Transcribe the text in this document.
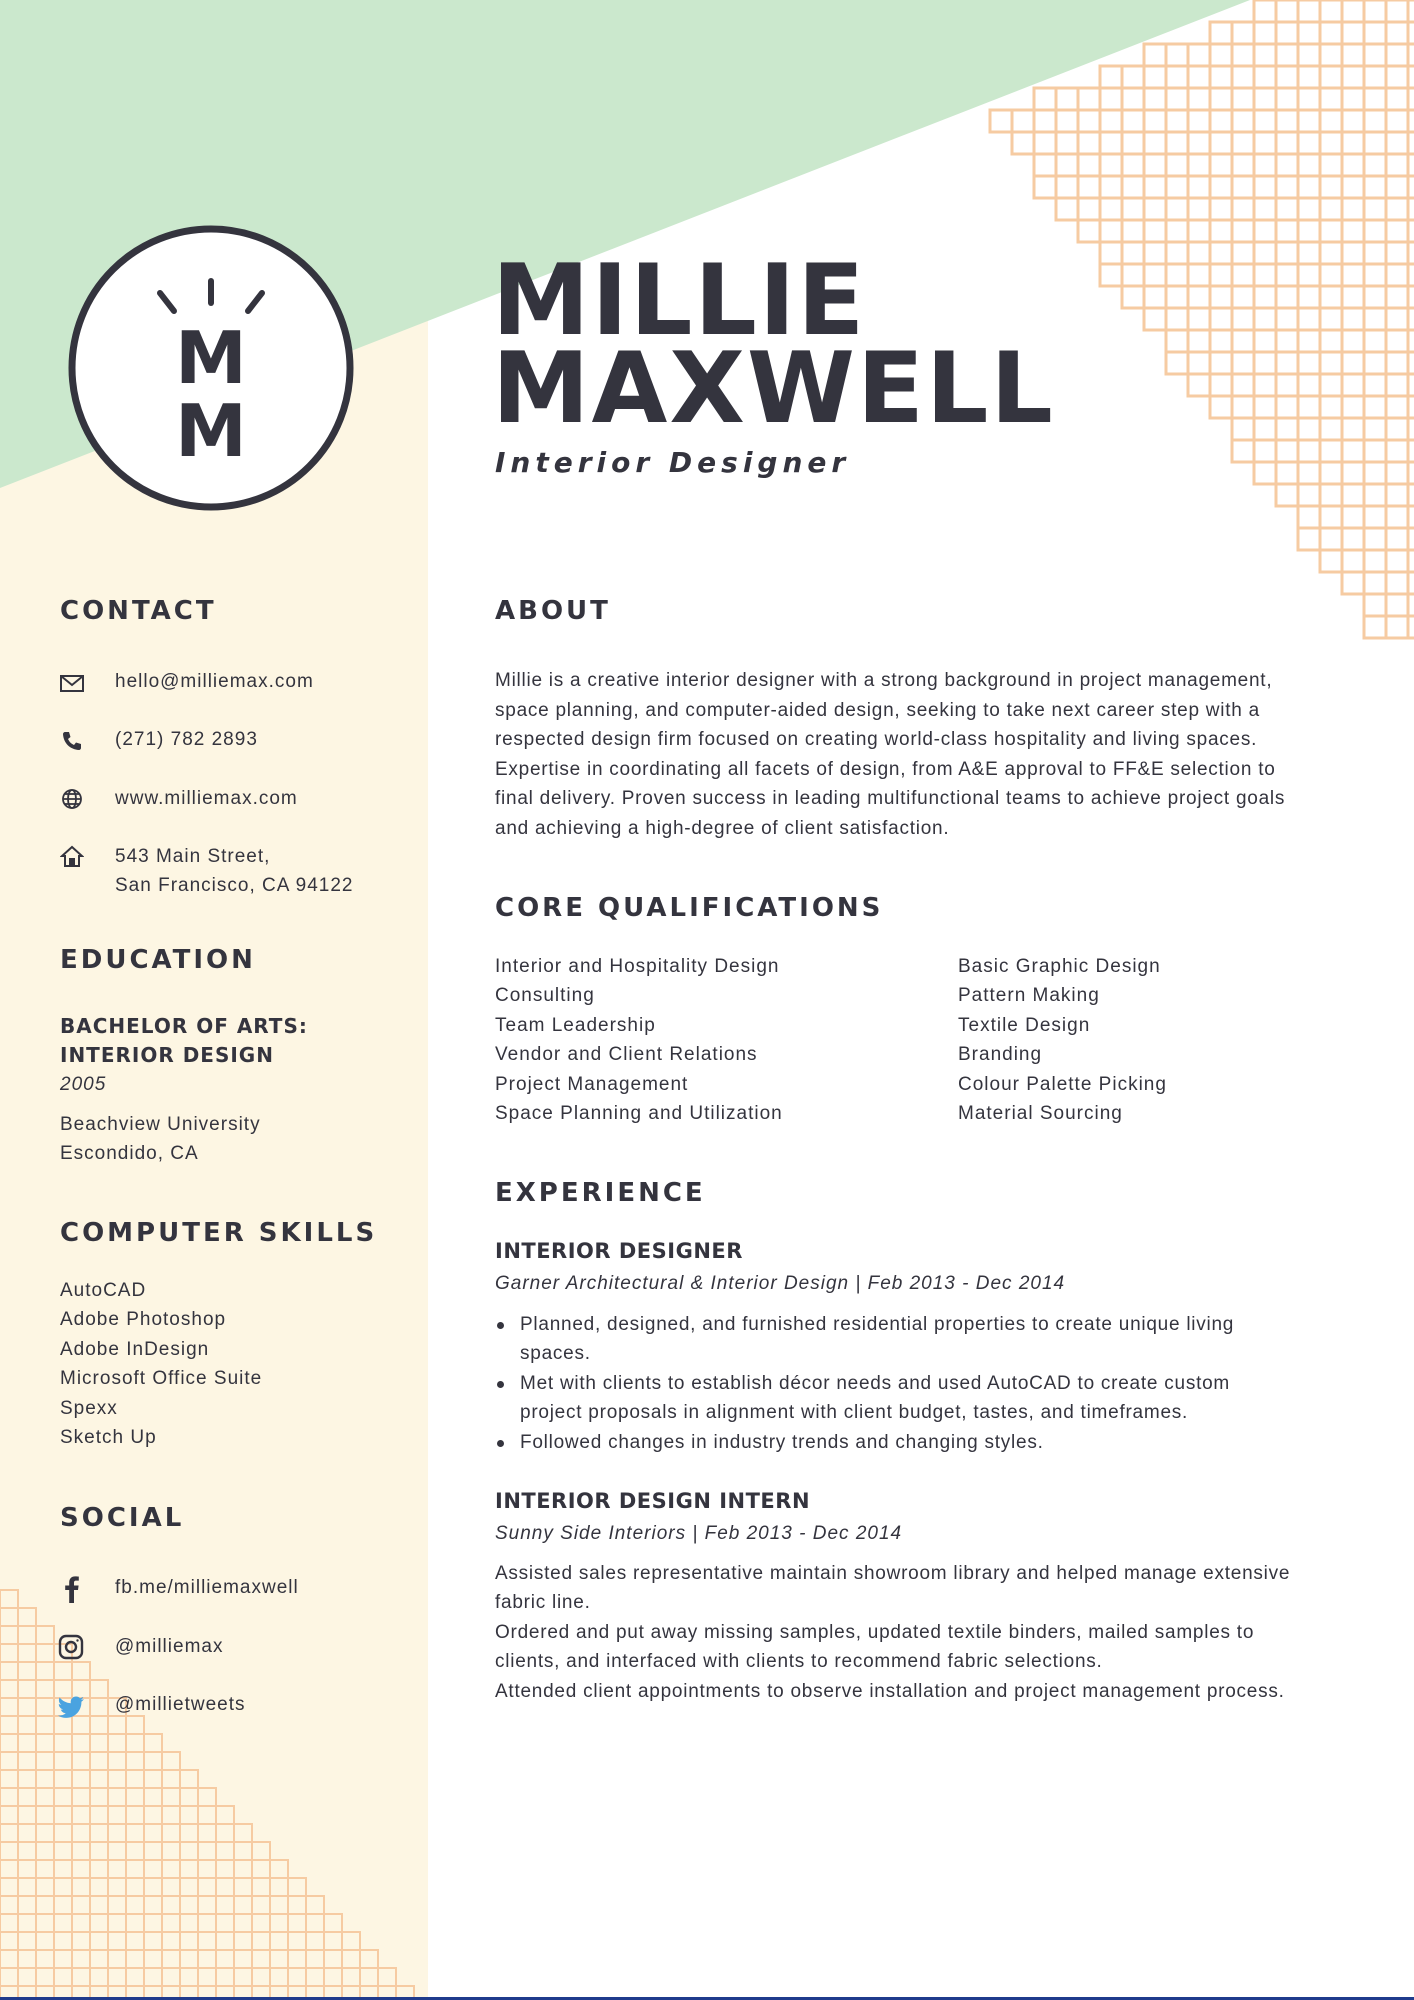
M
M
MILLIE
MAXWELL
Interior Designer
CONTACT
hello@milliemax.com
(271) 782 2893
www.milliemax.com
543 Main Street,
San Francisco, CA 94122
EDUCATION
BACHELOR OF ARTS:
INTERIOR DESIGN
2005
Beachview University
Escondido, CA
COMPUTER SKILLS
AutoCAD
Adobe Photoshop
Adobe InDesign
Microsoft Office Suite
Spexx
Sketch Up
SOCIAL
fb.me/milliemaxwell
@milliemax
@millietweets
ABOUT
Millie is a creative interior designer with a strong background in project management,
space planning, and computer-aided design, seeking to take next career step with a
respected design firm focused on creating world-class hospitality and living spaces.
Expertise in coordinating all facets of design, from A&E approval to FF&E selection to
final delivery. Proven success in leading multifunctional teams to achieve project goals
and achieving a high-degree of client satisfaction.
CORE QUALIFICATIONS
Interior and Hospitality Design
Consulting
Team Leadership
Vendor and Client Relations
Project Management
Space Planning and Utilization
Basic Graphic Design
Pattern Making
Textile Design
Branding
Colour Palette Picking
Material Sourcing
EXPERIENCE
INTERIOR DESIGNER
Garner Architectural & Interior Design | Feb 2013 - Dec 2014
Planned, designed, and furnished residential properties to create unique living
spaces.
Met with clients to establish décor needs and used AutoCAD to create custom
project proposals in alignment with client budget, tastes, and timeframes.
Followed changes in industry trends and changing styles.
INTERIOR DESIGN INTERN
Sunny Side Interiors | Feb 2013 - Dec 2014
Assisted sales representative maintain showroom library and helped manage extensive
fabric line.
Ordered and put away missing samples, updated textile binders, mailed samples to
clients, and interfaced with clients to recommend fabric selections.
Attended client appointments to observe installation and project management process.
